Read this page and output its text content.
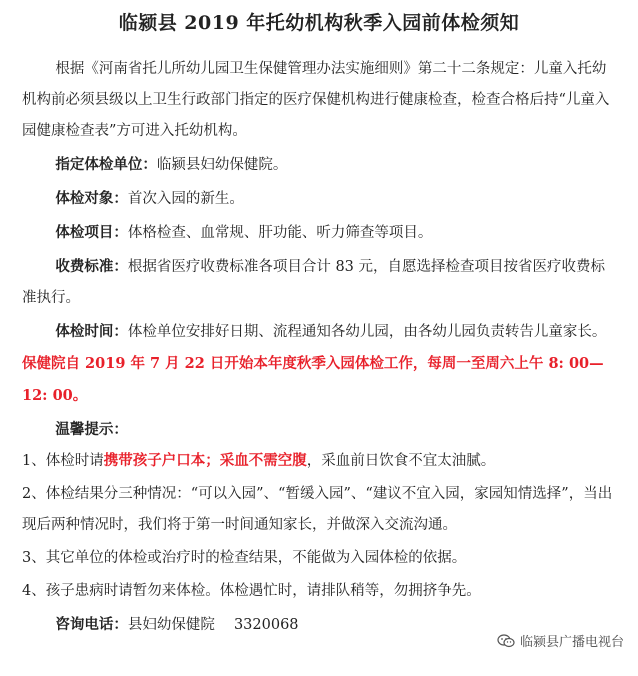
临颍县 2019 年托幼机构秋季入园前体检须知

根据《河南省托儿所幼儿园卫生保健管理办法实施细则》第二十二条规定：儿童入托幼机构前必须县级以上卫生行政部门指定的医疗保健机构进行健康检查，检查合格后持“儿童入园健康检查表”方可进入托幼机构。

指定体检单位：临颍县妇幼保健院。

体检对象：首次入园的新生。

体检项目：体格检查、血常规、肝功能、听力筛查等项目。

收费标准：根据省医疗收费标准各项目合计 83 元，自愿选择检查项目按省医疗收费标准执行。

体检时间：体检单位安排好日期、流程通知各幼儿园，由各幼儿园负责转告儿童家长。保健院自 2019 年 7 月 22 日开始本年度秋季入园体检工作，每周一至周六上午 8: 00—12: 00。

温馨提示：

1、体检时请携带孩子户口本；采血不需空腹，采血前日饮食不宜太油腻。

2、体检结果分三种情况：“可以入园”、“暂缓入园”、“建议不宜入园，家园知情选择”，当出现后两种情况时，我们将于第一时间通知家长，并做深入交流沟通。

3、其它单位的体检或治疗时的检查结果，不能做为入园体检的依据。

4、孩子患病时请暂勿来体检。体检遇忙时，请排队稍等，勿拥挤争先。

咨询电话：县妇幼保健院　 3320068

临颍县广播电视台
